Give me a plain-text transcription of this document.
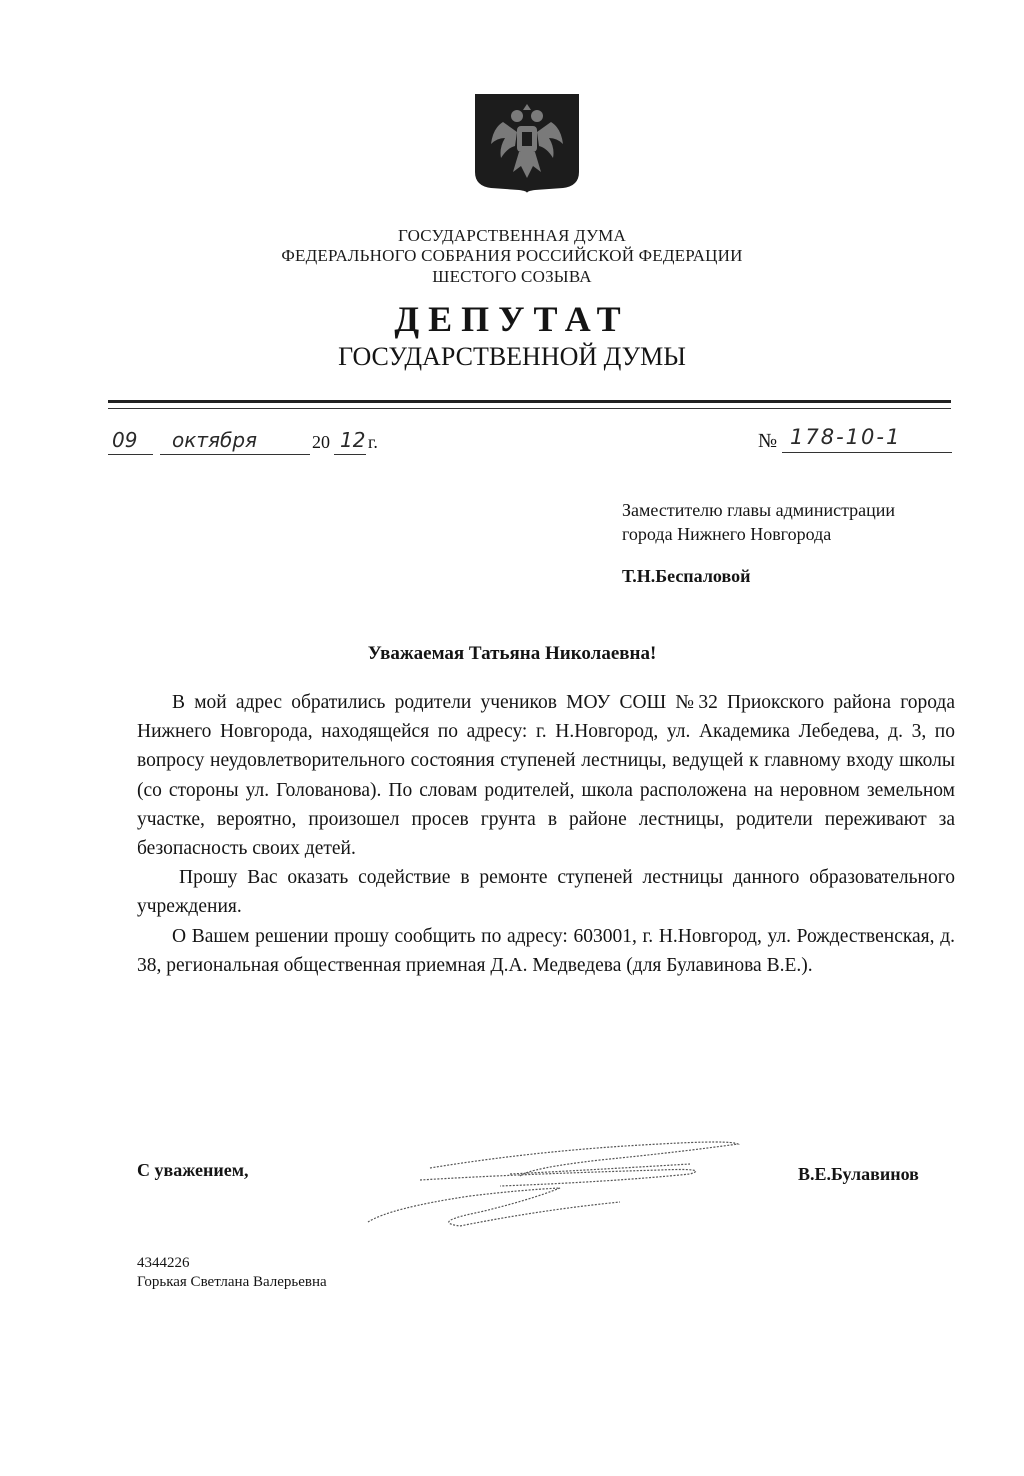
ГОСУДАРСТВЕННАЯ ДУМА
ФЕДЕРАЛЬНОГО СОБРАНИЯ РОССИЙСКОЙ ФЕДЕРАЦИИ
ШЕСТОГО СОЗЫВА
ДЕПУТАТ
ГОСУДАРСТВЕННОЙ ДУМЫ
09 октября	20 12 г.	№ 178-10-1
Заместителю главы администрации
города Нижнего Новгорода
Т.Н.Беспаловой
Уважаемая Татьяна Николаевна!

В мой адрес обратились родители учеников МОУ СОШ №32 Приокского района города Нижнего Новгорода, находящейся по адресу: г. Н.Новгород, ул. Академика Лебедева, д. 3, по вопросу неудовлетворительного состояния ступеней лестницы, ведущей к главному входу школы (со стороны ул. Голованова). По словам родителей, школа расположена на неровном земельном участке, вероятно, произошел просев грунта в районе лестницы, родители переживают за безопасность своих детей.

Прошу Вас оказать содействие в ремонте ступеней лестницы данного образовательного учреждения.

О Вашем решении прошу сообщить по адресу: 603001, г. Н.Новгород, ул. Рождественская, д. 38, региональная общественная приемная Д.А. Медведева (для Булавинова В.Е.).

С уважением,	В.Е.Булавинов
4344226
Горькая Светлана Валерьевна
